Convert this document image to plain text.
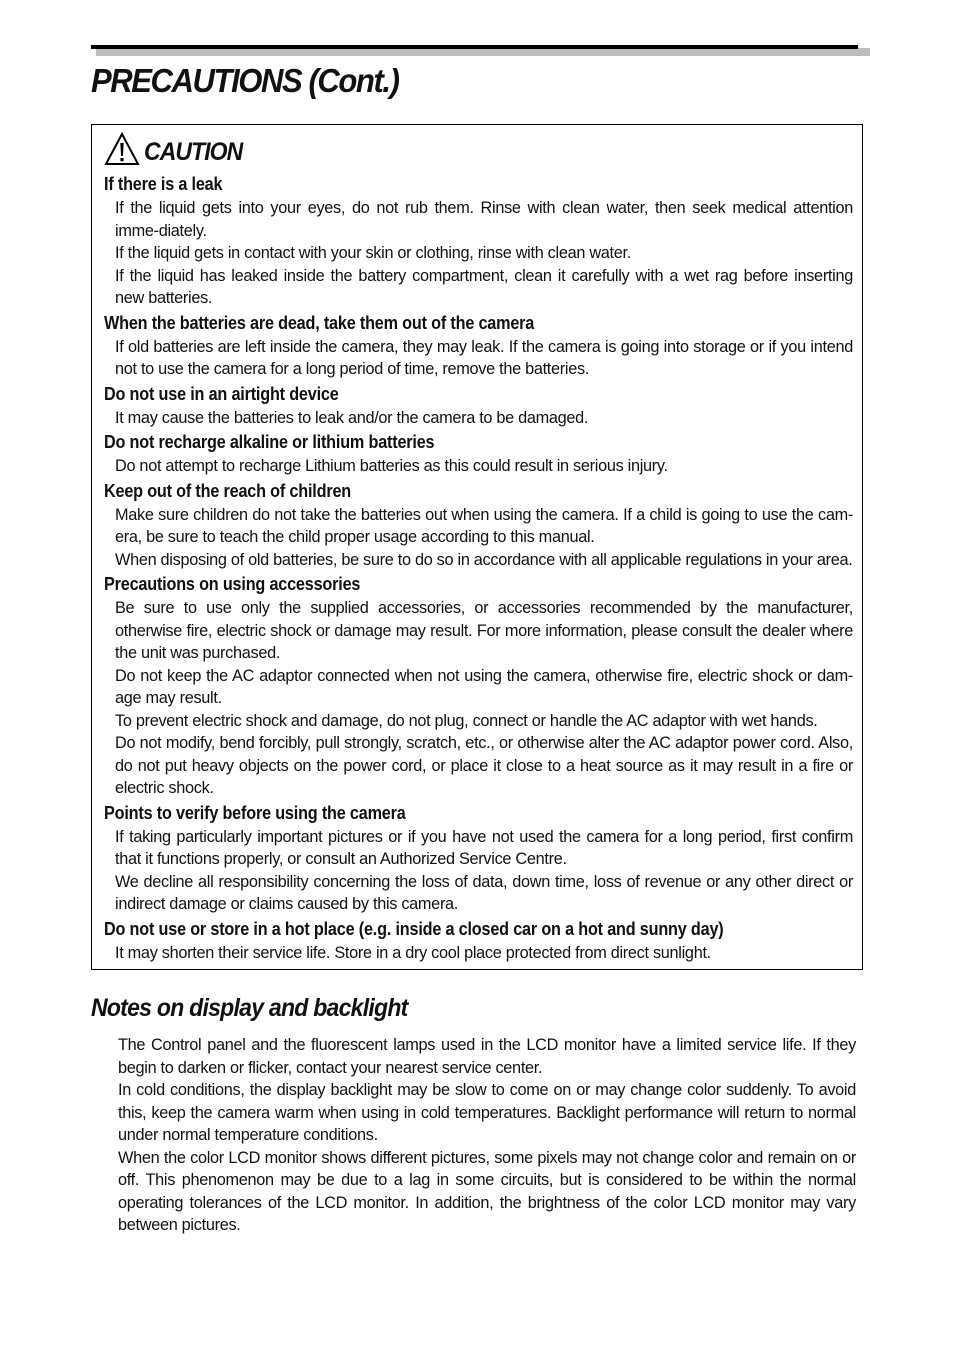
PRECAUTIONS (Cont.)
CAUTION
If there is a leak

If the liquid gets into your eyes, do not rub them. Rinse with clean water, then seek medical attention imme-diately.

If the liquid gets in contact with your skin or clothing, rinse with clean water.

If the liquid has leaked inside the battery compartment, clean it carefully with a wet rag before inserting new batteries.

When the batteries are dead, take them out of the camera

If old batteries are left inside the camera, they may leak. If the camera is going into storage or if you intend not to use the camera for a long period of time, remove the batteries.

Do not use in an airtight device

It may cause the batteries to leak and/or the camera to be damaged.

Do not recharge alkaline or lithium batteries

Do not attempt to recharge Lithium batteries as this could result in serious injury.

Keep out of the reach of children

Make sure children do not take the batteries out when using the camera. If a child is going to use the cam-era, be sure to teach the child proper usage according to this manual.

When disposing of old batteries, be sure to do so in accordance with all applicable regulations in your area.

Precautions on using accessories

Be sure to use only the supplied accessories, or accessories recommended by the manufacturer, otherwise fire, electric shock or damage may result. For more information, please consult the dealer where the unit was purchased.

Do not keep the AC adaptor connected when not using the camera, otherwise fire, electric shock or dam-age may result.

To prevent electric shock and damage, do not plug, connect or handle the AC adaptor with wet hands.

Do not modify, bend forcibly, pull strongly, scratch, etc., or otherwise alter the AC adaptor power cord. Also, do not put heavy objects on the power cord, or place it close to a heat source as it may result in a fire or electric shock.

Points to verify before using the camera

If taking particularly important pictures or if you have not used the camera for a long period, first confirm that it functions properly, or consult an Authorized Service Centre.

We decline all responsibility concerning the loss of data, down time, loss of revenue or any other direct or indirect damage or claims caused by this camera.

Do not use or store in a hot place (e.g. inside a closed car on a hot and sunny day)

It may shorten their service life. Store in a dry cool place protected from direct sunlight.

Notes on display and backlight

The Control panel and the fluorescent lamps used in the LCD monitor have a limited service life. If they begin to darken or flicker, contact your nearest service center.

In cold conditions, the display backlight may be slow to come on or may change color suddenly. To avoid this, keep the camera warm when using in cold temperatures. Backlight performance will return to normal under normal temperature conditions.

When the color LCD monitor shows different pictures, some pixels may not change color and remain on or off. This phenomenon may be due to a lag in some circuits, but is considered to be within the normal operating tolerances of the LCD monitor. In addition, the brightness of the color LCD monitor may vary between pictures.
